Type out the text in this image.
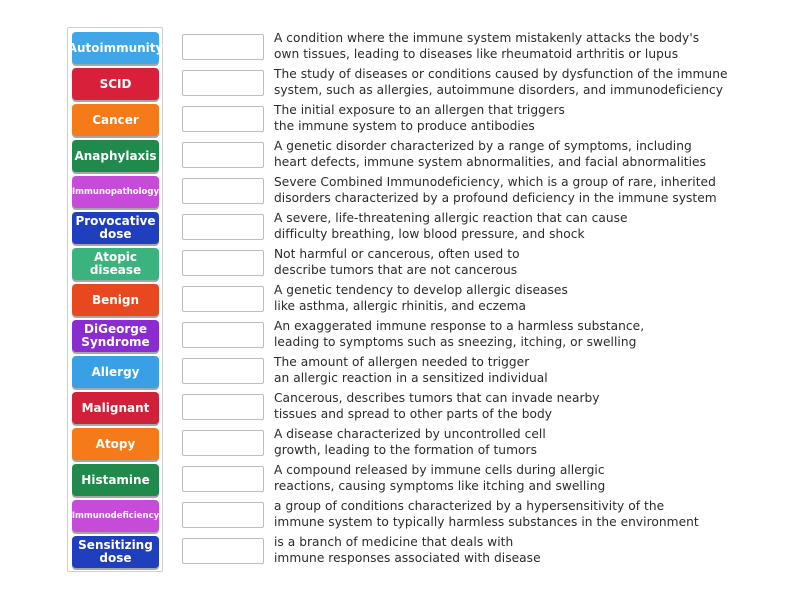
Autoimmunity
SCID
Cancer
Anaphylaxis
Immunopathology
Provocative
dose
Atopic
disease
Benign
DiGeorge
Syndrome
Allergy
Malignant
Atopy
Histamine
Immunodeficiency
Sensitizing
dose
A condition where the immune system mistakenly attacks the body's
own tissues, leading to diseases like rheumatoid arthritis or lupus
The study of diseases or conditions caused by dysfunction of the immune
system, such as allergies, autoimmune disorders, and immunodeficiency
The initial exposure to an allergen that triggers
the immune system to produce antibodies
A genetic disorder characterized by a range of symptoms, including
heart defects, immune system abnormalities, and facial abnormalities
Severe Combined Immunodeficiency, which is a group of rare, inherited
disorders characterized by a profound deficiency in the immune system
A severe, life-threatening allergic reaction that can cause
difficulty breathing, low blood pressure, and shock
Not harmful or cancerous, often used to
describe tumors that are not cancerous
A genetic tendency to develop allergic diseases
like asthma, allergic rhinitis, and eczema
An exaggerated immune response to a harmless substance,
leading to symptoms such as sneezing, itching, or swelling
The amount of allergen needed to trigger
an allergic reaction in a sensitized individual
Cancerous, describes tumors that can invade nearby
tissues and spread to other parts of the body
A disease characterized by uncontrolled cell
growth, leading to the formation of tumors
A compound released by immune cells during allergic
reactions, causing symptoms like itching and swelling
a group of conditions characterized by a hypersensitivity of the
immune system to typically harmless substances in the environment
is a branch of medicine that deals with
immune responses associated with disease
